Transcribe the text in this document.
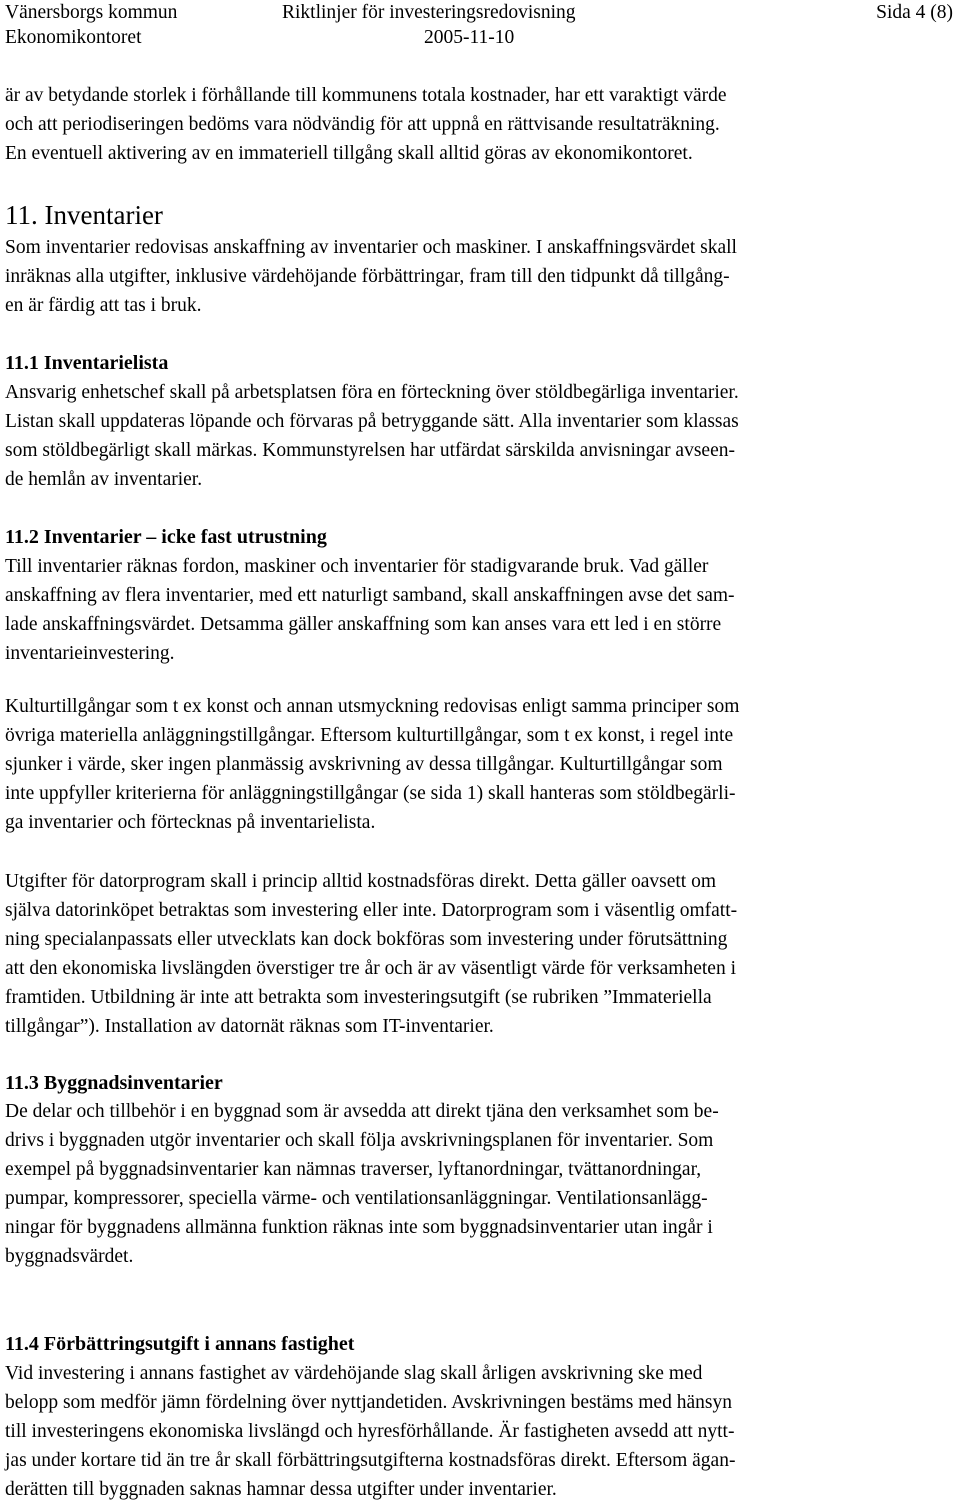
Vänersborgs kommun
Ekonomikontoret
Riktlinjer för investeringsredovisning
2005-11-10
Sida 4 (8)
är av betydande storlek i förhållande till kommunens totala kostnader, har ett varaktigt värde
och att periodiseringen bedöms vara nödvändig för att uppnå en rättvisande resultaträkning.
En eventuell aktivering av en immateriell tillgång skall alltid göras av ekonomikontoret.
11. Inventarier
Som inventarier redovisas anskaffning av inventarier och maskiner. I anskaffningsvärdet skall
inräknas alla utgifter, inklusive värdehöjande förbättringar, fram till den tidpunkt då tillgång-
en är färdig att tas i bruk.
11.1 Inventarielista
Ansvarig enhetschef skall på arbetsplatsen föra en förteckning över stöldbegärliga inventarier.
Listan skall uppdateras löpande och förvaras på betryggande sätt. Alla inventarier som klassas
som stöldbegärligt skall märkas. Kommunstyrelsen har utfärdat särskilda anvisningar avseen-
de hemlån av inventarier.
11.2 Inventarier – icke fast utrustning
Till inventarier räknas fordon, maskiner och inventarier för stadigvarande bruk. Vad gäller
anskaffning av flera inventarier, med ett naturligt samband, skall anskaffningen avse det sam-
lade anskaffningsvärdet. Detsamma gäller anskaffning som kan anses vara ett led i en större
inventarieinvestering.
Kulturtillgångar som t ex konst och annan utsmyckning redovisas enligt samma principer som
övriga materiella anläggningstillgångar. Eftersom kulturtillgångar, som t ex konst, i regel inte
sjunker i värde, sker ingen planmässig avskrivning av dessa tillgångar. Kulturtillgångar som
inte uppfyller kriterierna för anläggningstillgångar (se sida 1) skall hanteras som stöldbegärli-
ga inventarier och förtecknas på inventarielista.
Utgifter för datorprogram skall i princip alltid kostnadsföras direkt. Detta gäller oavsett om
själva datorinköpet betraktas som investering eller inte. Datorprogram som i väsentlig omfatt-
ning specialanpassats eller utvecklats kan dock bokföras som investering under förutsättning
att den ekonomiska livslängden överstiger tre år och är av väsentligt värde för verksamheten i
framtiden. Utbildning är inte att betrakta som investeringsutgift (se rubriken ”Immateriella
tillgångar”). Installation av datornät räknas som IT-inventarier.
11.3 Byggnadsinventarier
De delar och tillbehör i en byggnad som är avsedda att direkt tjäna den verksamhet som be-
drivs i byggnaden utgör inventarier och skall följa avskrivningsplanen för inventarier. Som
exempel på byggnadsinventarier kan nämnas traverser, lyftanordningar, tvättanordningar,
pumpar, kompressorer, speciella värme- och ventilationsanläggningar. Ventilationsanlägg-
ningar för byggnadens allmänna funktion räknas inte som byggnadsinventarier utan ingår i
byggnadsvärdet.
11.4 Förbättringsutgift i annans fastighet
Vid investering i annans fastighet av värdehöjande slag skall årligen avskrivning ske med
belopp som medför jämn fördelning över nyttjandetiden. Avskrivningen bestäms med hänsyn
till investeringens ekonomiska livslängd och hyresförhållande. Är fastigheten avsedd att nytt-
jas under kortare tid än tre år skall förbättringsutgifterna kostnadsföras direkt. Eftersom ägan-
derätten till byggnaden saknas hamnar dessa utgifter under inventarier.
